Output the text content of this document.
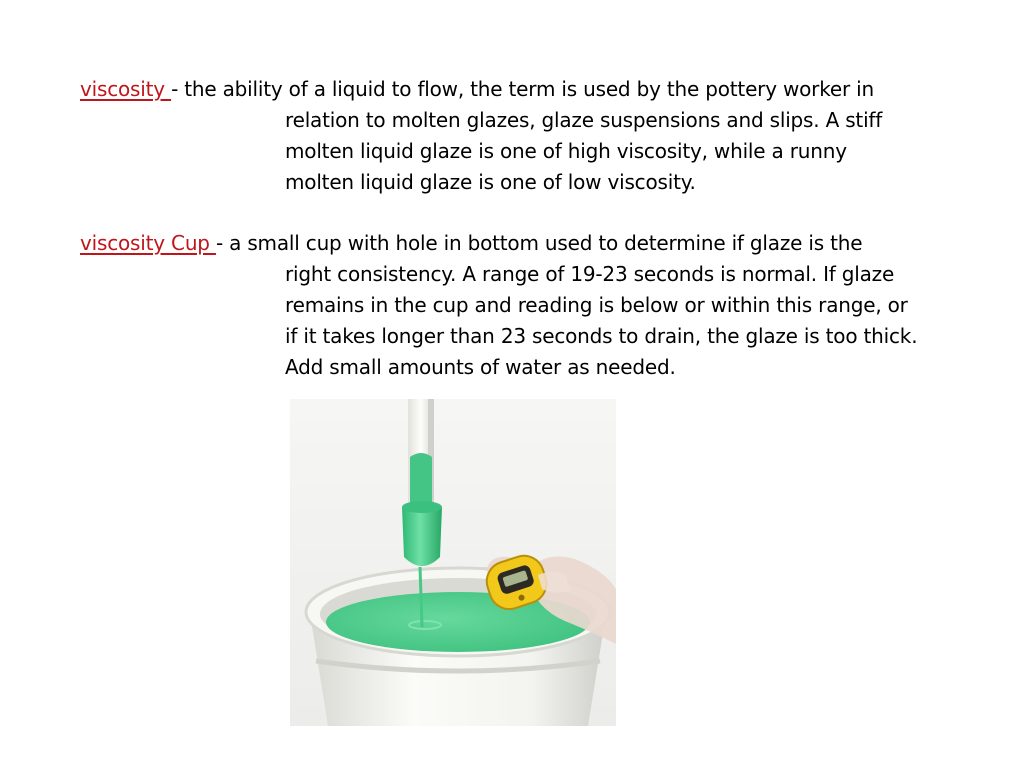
viscosity - the ability of a liquid to flow, the term is used by the pottery worker in
relation to molten glazes, glaze suspensions and slips. A stiff
molten liquid glaze is one of high viscosity, while a runny
molten liquid glaze is one of low viscosity.
viscosity Cup - a small cup with hole in bottom used to determine if glaze is the
right consistency. A range of 19-23 seconds is normal. If glaze
remains in the cup and reading is below or within this range, or
if it takes longer than 23 seconds to drain, the glaze is too thick.
Add small amounts of water as needed.
